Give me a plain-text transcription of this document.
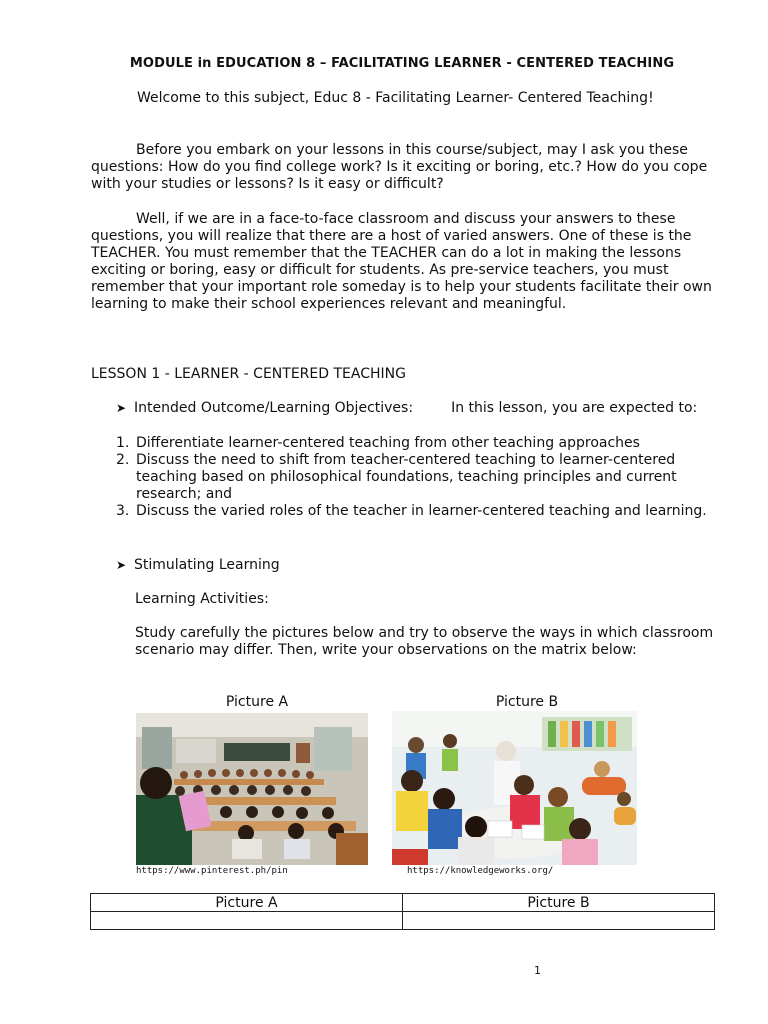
MODULE in EDUCATION 8 – FACILITATING LEARNER - CENTERED TEACHING
Welcome to this subject, Educ 8 - Facilitating Learner- Centered Teaching!

Before you embark on your lessons in this course/subject, may I ask you these questions: How do you find college work? Is it exciting or boring, etc.? How do you cope with your studies or lessons? Is it easy or difficult?

Well, if we are in a face-to-face classroom and discuss your answers to these questions, you will realize that there are a host of varied answers. One of these is the TEACHER. You must remember that the TEACHER can do a lot in making the lessons exciting or boring, easy or difficult for students. As pre-service teachers, you must remember that your important role someday is to help your students facilitate their own learning to make their school experiences relevant and meaningful.

LESSON 1 - LEARNER - CENTERED TEACHING
➤ Intended Outcome/Learning Objectives:	In this lesson, you are expected to:
1. Differentiate learner-centered teaching from other teaching approaches
2. Discuss the need to shift from teacher-centered teaching to learner-centered teaching based on philosophical foundations, teaching principles and current research; and
3. Discuss the varied roles of the teacher in learner-centered teaching and learning.
➤ Stimulating Learning
Learning Activities:
Study carefully the pictures below and try to observe the ways in which classroom scenario may differ. Then, write your observations on the matrix below:
Picture A
https://www.pinterest.ph/pin
Picture B
https://knowledgeworks.org/
Picture A	Picture B

1
